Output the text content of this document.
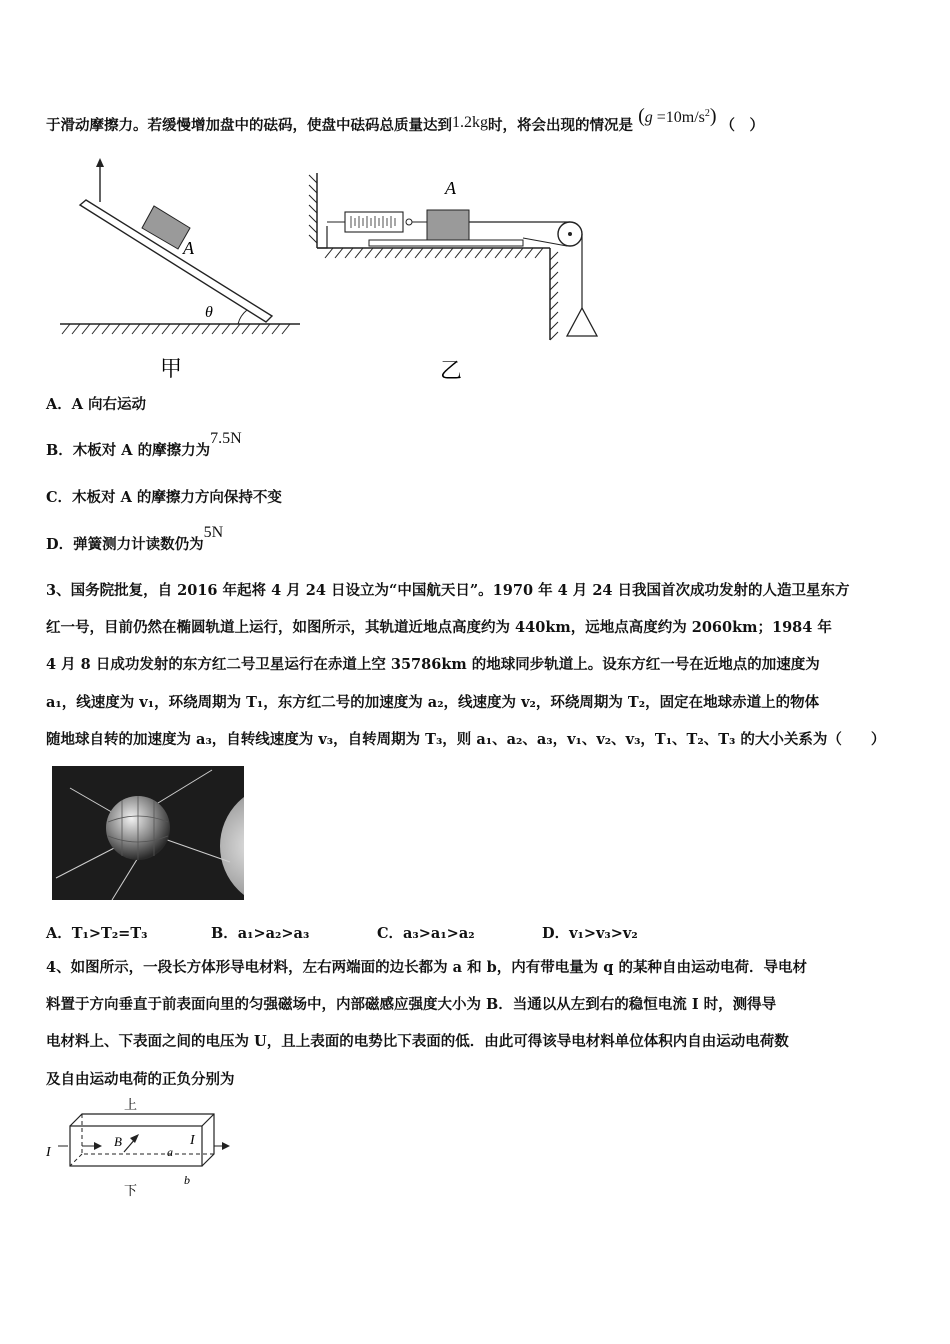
于滑动摩擦力。若缓慢增加盘中的砝码，使盘中砝码总质量达到1.2kg时，将会出现的情况是 $(g =10m/s^2)$ （　）
θ
A
甲
A
乙
A．A 向右运动
B．木板对 A 的摩擦力为7.5N
C．木板对 A 的摩擦力方向保持不变
D．弹簧测力计读数仍为5N
3、国务院批复，自 2016 年起将 4 月 24 日设立为“中国航天日”。1970 年 4 月 24 日我国首次成功发射的人造卫星东方
红一号，目前仍然在椭圆轨道上运行，如图所示，其轨道近地点高度约为 440km，远地点高度约为 2060km；1984 年
4 月 8 日成功发射的东方红二号卫星运行在赤道上空 35786km 的地球同步轨道上。设东方红一号在近地点的加速度为
a₁，线速度为 v₁，环绕周期为 T₁，东方红二号的加速度为 a₂，线速度为 v₂，环绕周期为 T₂，固定在地球赤道上的物体
随地球自转的加速度为 a₃，自转线速度为 v₃，自转周期为 T₃，则 a₁、a₂、a₃，v₁、v₂、v₃，T₁、T₂、T₃ 的大小关系为（　　）
A．T₁>T₂=T₃	B．a₁>a₂>a₃	C．a₃>a₁>a₂	D．v₁>v₃>v₂
4、如图所示，一段长方体形导电材料，左右两端面的边长都为 a 和 b，内有带电量为 q 的某种自由运动电荷．导电材
料置于方向垂直于前表面向里的匀强磁场中，内部磁感应强度大小为 B．当通以从左到右的稳恒电流 I 时，测得导
电材料上、下表面之间的电压为 U，且上表面的电势比下表面的低．由此可得该导电材料单位体积内自由运动电荷数
及自由运动电荷的正负分别为
上
下
I
I
B
a
b
